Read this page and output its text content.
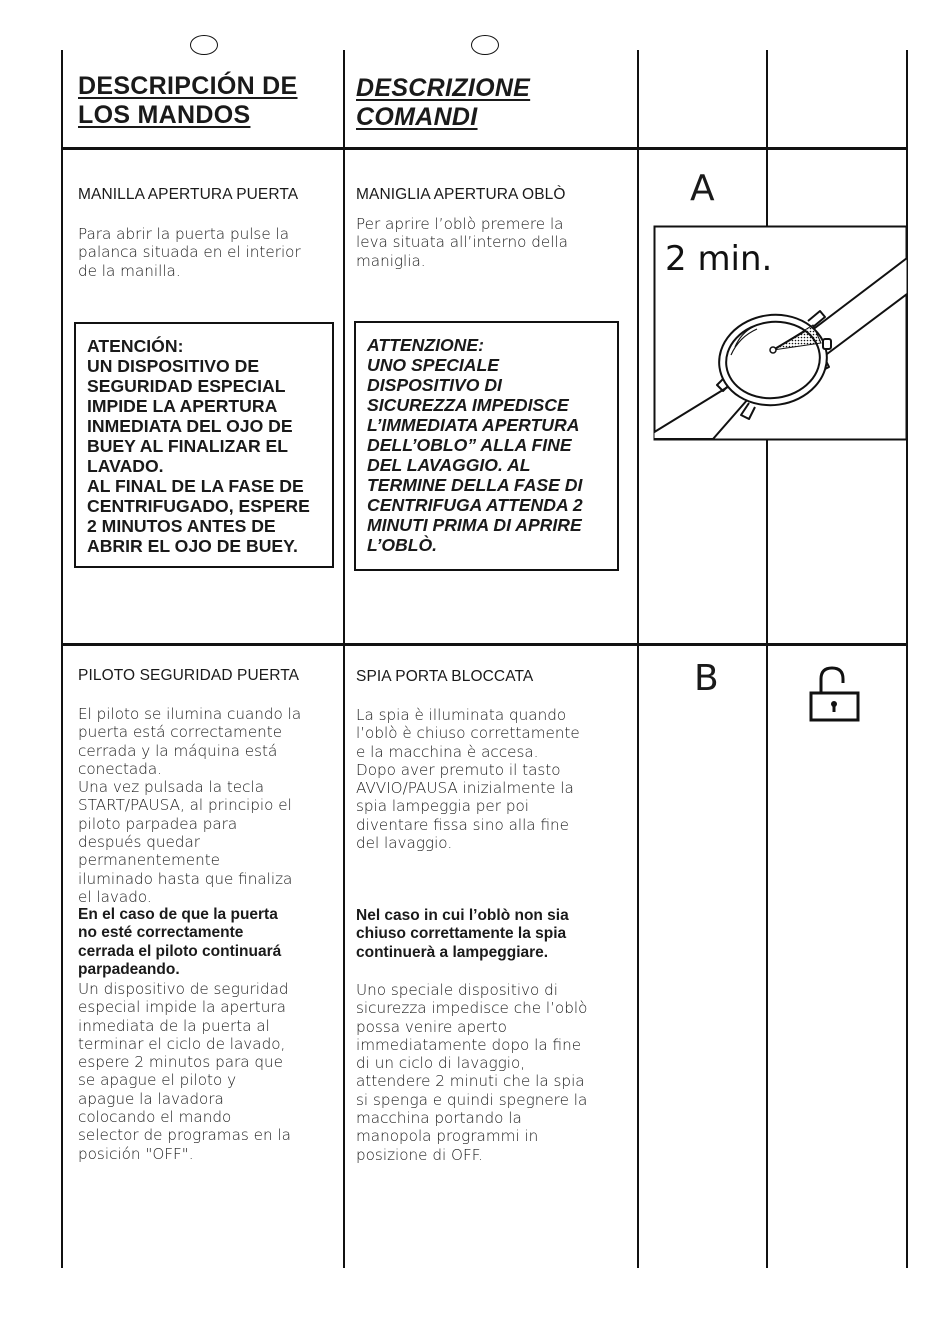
DESCRIPCIÓN DE
LOS MANDOS
DESCRIZIONE
COMANDI
MANILLA APERTURA PUERTA

Para abrir la puerta pulse la
palanca situada en el interior
de la manilla.

ATENCIÓN:
UN DISPOSITIVO DE
SEGURIDAD ESPECIAL
IMPIDE LA APERTURA
INMEDIATA DEL OJO DE
BUEY AL FINALIZAR EL
LAVADO.
AL FINAL DE LA FASE DE
CENTRIFUGADO, ESPERE
2 MINUTOS ANTES DE
ABRIR EL OJO DE BUEY.

MANIGLIA APERTURA OBLÒ

Per aprire l’oblò premere la
leva situata all’interno della
maniglia.

ATTENZIONE:
UNO SPECIALE
DISPOSITIVO DI
SICUREZZA IMPEDISCE
L’IMMEDIATA APERTURA
DELL’OBLO” ALLA FINE
DEL LAVAGGIO. AL
TERMINE DELLA FASE DI
CENTRIFUGA ATTENDA 2
MINUTI PRIMA DI APRIRE
L’OBLÒ.

A
2 min.
PILOTO SEGURIDAD PUERTA

El piloto se ilumina cuando la
puerta está correctamente
cerrada y la máquina está
conectada.
Una vez pulsada la tecla
START/PAUSA, al principio el
piloto parpadea para
después quedar
permanentemente
iluminado hasta que finaliza
el lavado.

En el caso de que la puerta
no esté correctamente
cerrada el piloto continuará
parpadeando.

Un dispositivo de seguridad
especial impide la apertura
inmediata de la puerta al
terminar el ciclo de lavado,
espere 2 minutos para que
se apague el piloto y
apague la lavadora
colocando el mando
selector de programas en la
posición "OFF".

SPIA PORTA BLOCCATA

La spia è illuminata quando
l’oblò è chiuso correttamente
e la macchina è accesa.
Dopo aver premuto il tasto
AVVIO/PAUSA inizialmente la
spia lampeggia per poi
diventare fissa sino alla fine
del lavaggio.

Nel caso in cui l’oblò non sia
chiuso correttamente la spia
continuerà a lampeggiare.

Uno speciale dispositivo di
sicurezza impedisce che l’oblò
possa venire aperto
immediatamente dopo la fine
di un ciclo di lavaggio,
attendere 2 minuti che la spia
si spenga e quindi spegnere la
macchina portando la
manopola programmi in
posizione di OFF.

B
